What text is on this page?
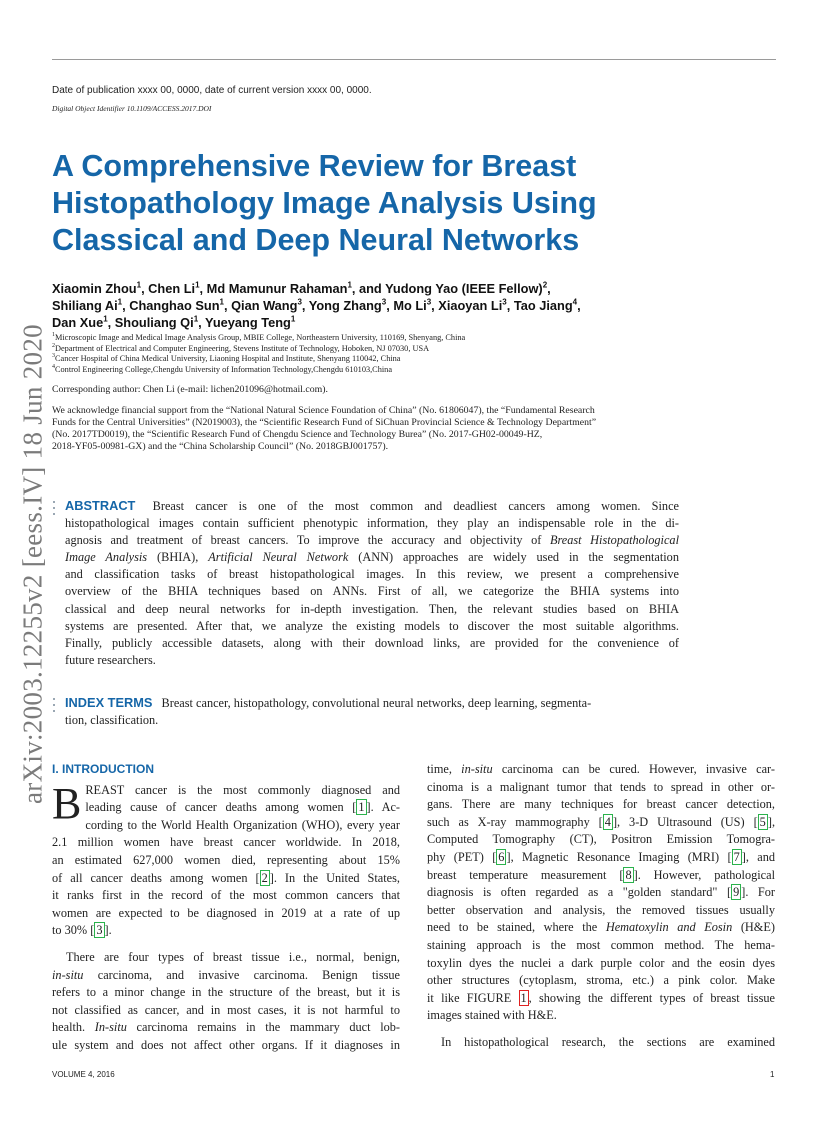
Date of publication xxxx 00, 0000, date of current version xxxx 00, 0000.
Digital Object Identifier 10.1109/ACCESS.2017.DOI
A Comprehensive Review for Breast
Histopathology Image Analysis Using
Classical and Deep Neural Networks
arXiv:2003.12255v2 [eess.IV] 18 Jun 2020
Xiaomin Zhou$^1$, Chen Li$^1$, Md Mamunur Rahaman$^1$, and Yudong Yao (IEEE Fellow)$^2$,
Shiliang Ai$^1$, Changhao Sun$^1$, Qian Wang$^3$, Yong Zhang$^3$, Mo Li$^3$, Xiaoyan Li$^3$, Tao Jiang$^4$,
Dan Xue$^1$, Shouliang Qi$^1$, Yueyang Teng$^1$
$^1$Microscopic Image and Medical Image Analysis Group, MBIE College, Northeastern University, 110169, Shenyang, China
$^2$Department of Electrical and Computer Engineering, Stevens Institute of Technology, Hoboken, NJ 07030, USA
$^3$Cancer Hospital of China Medical University, Liaoning Hospital and Institute, Shenyang 110042, China
$^4$Control Engineering College,Chengdu University of Information Technology,Chengdu 610103,China
Corresponding author: Chen Li (e-mail: lichen201096@hotmail.com).
We acknowledge financial support from the “National Natural Science Foundation of China” (No. 61806047), the “Fundamental Research
Funds for the Central Universities” (N2019003), the “Scientific Research Fund of SiChuan Provincial Science & Technology Department”
(No. 2017TD0019), the “Scientific Research Fund of Chengdu Science and Technology Burea” (No. 2017-GH02-00049-HZ,
2018-YF05-00981-GX) and the “China Scholarship Council” (No. 2018GBJ001757).
ABSTRACT Breast cancer is one of the most common and deadliest cancers among women. Since
histopathological images contain sufficient phenotypic information, they play an indispensable role in the di-
agnosis and treatment of breast cancers. To improve the accuracy and objectivity of Breast Histopathological
Image Analysis (BHIA), Artificial Neural Network (ANN) approaches are widely used in the segmentation
and classification tasks of breast histopathological images. In this review, we present a comprehensive
overview of the BHIA techniques based on ANNs. First of all, we categorize the BHIA systems into
classical and deep neural networks for in-depth investigation. Then, the relevant studies based on BHIA
systems are presented. After that, we analyze the existing models to discover the most suitable algorithms.
Finally, publicly accessible datasets, along with their download links, are provided for the convenience of
future researchers.
INDEX TERMS Breast cancer, histopathology, convolutional neural networks, deep learning, segmenta-
tion, classification.
I. INTRODUCTION
B REAST cancer is the most commonly diagnosed and
leading cause of cancer deaths among women [ 1 ]. Ac-
cording to the World Health Organization (WHO), every year
2.1 million women have breast cancer worldwide. In 2018,
an estimated 627,000 women died, representing about 15%
of all cancer deaths among women [ 2 ]. In the United States,
it ranks first in the record of the most common cancers that
women are expected to be diagnosed in 2019 at a rate of up
to 30% [ 3 ].
There are four types of breast tissue i.e., normal, benign,
in-situ carcinoma, and invasive carcinoma. Benign tissue
refers to a minor change in the structure of the breast, but it is
not classified as cancer, and in most cases, it is not harmful to
health. In-situ carcinoma remains in the mammary duct lob-
ule system and does not affect other organs. If it diagnoses in
time, in-situ carcinoma can be cured. However, invasive car-
cinoma is a malignant tumor that tends to spread in other or-
gans. There are many techniques for breast cancer detection,
such as X-ray mammography [ 4 ], 3-D Ultrasound (US) [ 5 ],
Computed Tomography (CT), Positron Emission Tomogra-
phy (PET) [ 6 ], Magnetic Resonance Imaging (MRI) [ 7 ], and
breast temperature measurement [ 8 ]. However, pathological
diagnosis is often regarded as a "golden standard" [ 9 ]. For
better observation and analysis, the removed tissues usually
need to be stained, where the Hematoxylin and Eosin (H&E)
staining approach is the most common method. The hema-
toxylin dyes the nuclei a dark purple color and the eosin dyes
other structures (cytoplasm, stroma, etc.) a pink color. Make
it like FIGURE 1 , showing the different types of breast tissue
images stained with H&E.
In histopathological research, the sections are examined
VOLUME 4, 2016	1
